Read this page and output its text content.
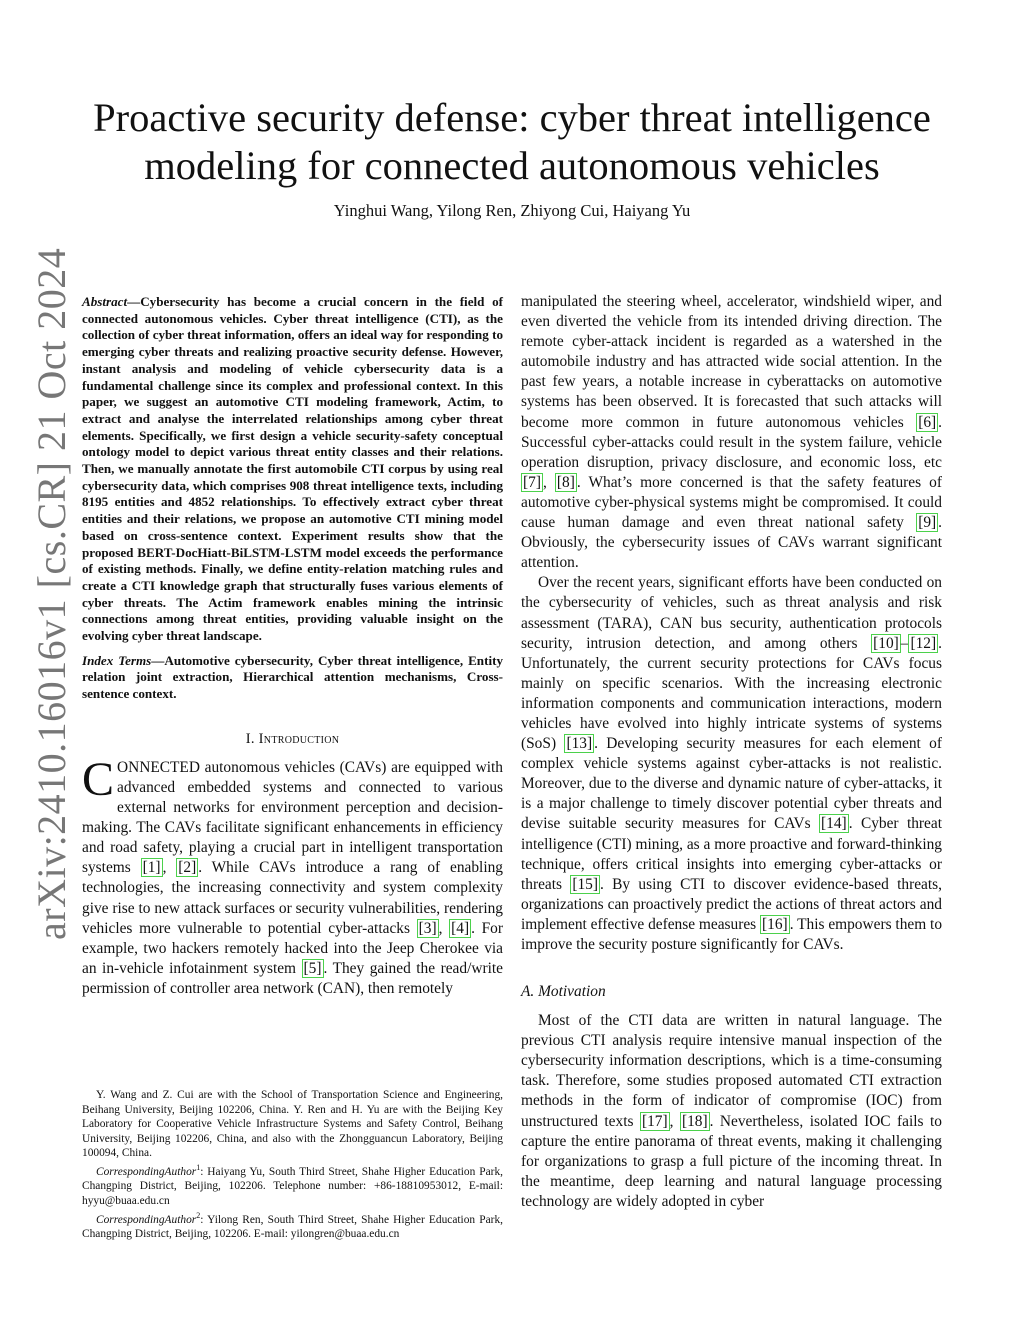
arXiv:2410.16016v1 [cs.CR] 21 Oct 2024
Proactive security defense: cyber threat intelligence
modeling for connected autonomous vehicles
Yinghui Wang, Yilong Ren, Zhiyong Cui, Haiyang Yu

Abstract—Cybersecurity has become a crucial concern in the field of connected autonomous vehicles. Cyber threat intelligence (CTI), as the collection of cyber threat information, offers an ideal way for responding to emerging cyber threats and realizing proactive security defense. However, instant analysis and modeling of vehicle cybersecurity data is a fundamental challenge since its complex and professional context. In this paper, we suggest an automotive CTI modeling framework, Actim, to extract and analyse the interrelated relationships among cyber threat elements. Specifically, we first design a vehicle security-safety conceptual ontology model to depict various threat entity classes and their relations. Then, we manually annotate the first automobile CTI corpus by using real cybersecurity data, which comprises 908 threat intelligence texts, including 8195 entities and 4852 relationships. To effectively extract cyber threat entities and their relations, we propose an automotive CTI mining model based on cross-sentence context. Experiment results show that the proposed BERT-DocHiatt-BiLSTM-LSTM model exceeds the performance of existing methods. Finally, we define entity-relation matching rules and create a CTI knowledge graph that structurally fuses various elements of cyber threats. The Actim framework enables mining the intrinsic connections among threat entities, providing valuable insight on the evolving cyber threat landscape.

Index Terms—Automotive cybersecurity, Cyber threat intelligence, Entity relation joint extraction, Hierarchical attention mechanisms, Cross-sentence context.

I. Introduction

CONNECTED autonomous vehicles (CAVs) are equipped with advanced embedded systems and connected to various external networks for environment perception and decision-making. The CAVs facilitate significant enhancements in efficiency and road safety, playing a crucial part in intelligent transportation systems [1] , [2] . While CAVs introduce a rang of enabling technologies, the increasing connectivity and system complexity give rise to new attack surfaces or security vulnerabilities, rendering vehicles more vulnerable to potential cyber-attacks [3] , [4] . For example, two hackers remotely hacked into the Jeep Cherokee via an in-vehicle infotainment system [5] . They gained the read/write permission of controller area network (CAN), then remotely

Y. Wang and Z. Cui are with the School of Transportation Science and Engineering, Beihang University, Beijing 102206, China. Y. Ren and H. Yu are with the Beijing Key Laboratory for Cooperative Vehicle Infrastructure Systems and Safety Control, Beihang University, Beijing 102206, China, and also with the Zhongguancun Laboratory, Beijing 100094, China.

CorrespondingAuthor$^1$: Haiyang Yu, South Third Street, Shahe Higher Education Park, Changping District, Beijing, 102206. Telephone number: +86-18810953012, E-mail: hyyu@buaa.edu.cn

CorrespondingAuthor$^2$: Yilong Ren, South Third Street, Shahe Higher Education Park, Changping District, Beijing, 102206. E-mail: yilongren@buaa.edu.cn

manipulated the steering wheel, accelerator, windshield wiper, and even diverted the vehicle from its intended driving direction. The remote cyber-attack incident is regarded as a watershed in the automobile industry and has attracted wide social attention. In the past few years, a notable increase in cyberattacks on automotive systems has been observed. It is forecasted that such attacks will become more common in future autonomous vehicles [6] . Successful cyber-attacks could result in the system failure, vehicle operation disruption, privacy disclosure, and economic loss, etc [7] , [8] . What’s more concerned is that the safety features of automotive cyber-physical systems might be compromised. It could cause human damage and even threat national safety [9] . Obviously, the cybersecurity issues of CAVs warrant significant attention.

Over the recent years, significant efforts have been conducted on the cybersecurity of vehicles, such as threat analysis and risk assessment (TARA), CAN bus security, authentication protocols security, intrusion detection, and among others [10] – [12] . Unfortunately, the current security protections for CAVs focus mainly on specific scenarios. With the increasing electronic information components and communication interactions, modern vehicles have evolved into highly intricate systems of systems (SoS) [13] . Developing security measures for each element of complex vehicle systems against cyber-attacks is not realistic. Moreover, due to the diverse and dynamic nature of cyber-attacks, it is a major challenge to timely discover potential cyber threats and devise suitable security measures for CAVs [14] . Cyber threat intelligence (CTI) mining, as a more proactive and forward-thinking technique, offers critical insights into emerging cyber-attacks or threats [15] . By using CTI to discover evidence-based threats, organizations can proactively predict the actions of threat actors and implement effective defense measures [16] . This empowers them to improve the security posture significantly for CAVs.

A. Motivation

Most of the CTI data are written in natural language. The previous CTI analysis require intensive manual inspection of the cybersecurity information descriptions, which is a time-consuming task. Therefore, some studies proposed automated CTI extraction methods in the form of indicator of compromise (IOC) from unstructured texts [17] , [18] . Nevertheless, isolated IOC fails to capture the entire panorama of threat events, making it challenging for organizations to grasp a full picture of the incoming threat. In the meantime, deep learning and natural language processing technology are widely adopted in cyber
